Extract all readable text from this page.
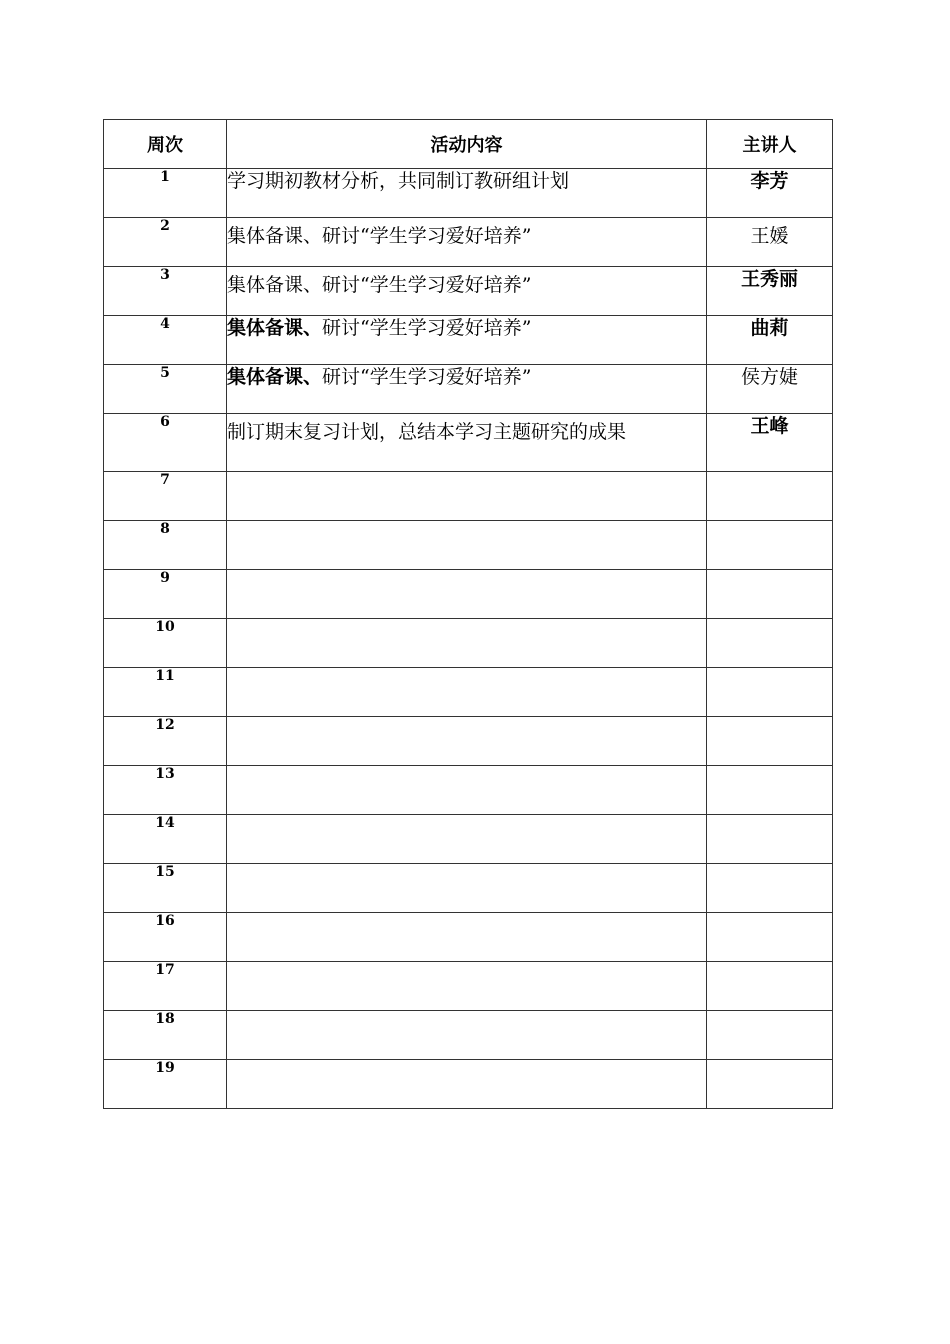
周次	活动内容	主讲人
1	学习期初教材分析，共同制订教研组计划	李芳
2	集体备课、研讨“学生学习爱好培养”	王媛
3	集体备课、研讨“学生学习爱好培养”	王秀丽
4	集体备课、研讨“学生学习爱好培养”	曲莉
5	集体备课、研讨“学生学习爱好培养”	侯方婕
6	制订期末复习计划，总结本学习主题研究的成果	王峰
7		
8		
9		
10		
11		
12		
13		
14		
15		
16		
17		
18		
19		
